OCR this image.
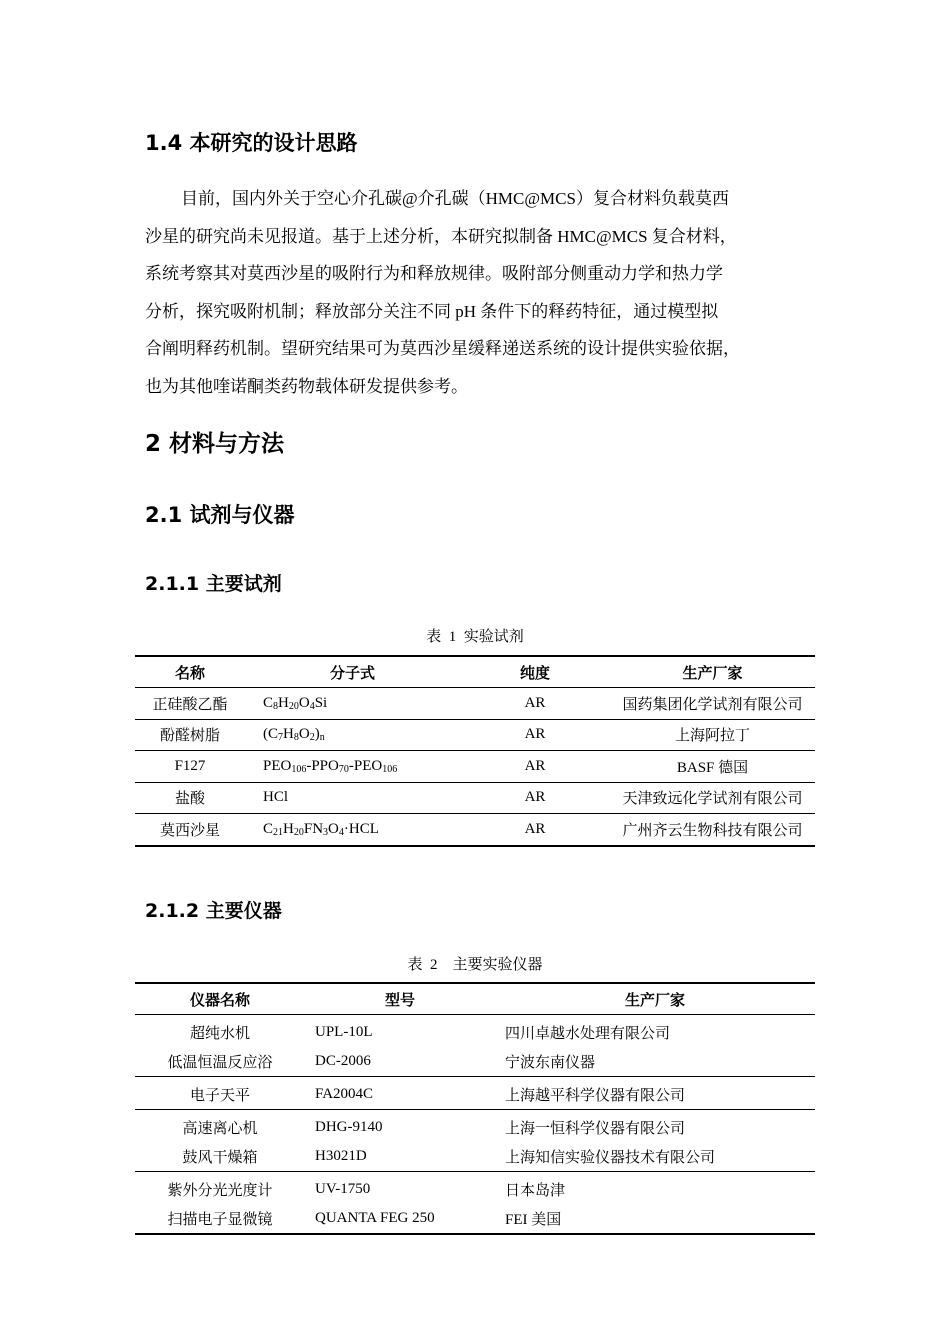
1.4 本研究的设计思路
目前，国内外关于空心介孔碳@介孔碳（HMC@MCS）复合材料负载莫西
沙星的研究尚未见报道。基于上述分析，本研究拟制备 HMC@MCS 复合材料，
系统考察其对莫西沙星的吸附行为和释放规律。吸附部分侧重动力学和热力学
分析，探究吸附机制；释放部分关注不同 pH 条件下的释药特征，通过模型拟
合阐明释药机制。望研究结果可为莫西沙星缓释递送系统的设计提供实验依据，
也为其他喹诺酮类药物载体研发提供参考。
2 材料与方法
2.1 试剂与仪器
2.1.1 主要试剂
表  1  实验试剂
名称	分子式	纯度	生产厂家
正硅酸乙酯	$C_8H_{20}O_4Si$	AR	国药集团化学试剂有限公司
酚醛树脂	$(C_7H_8O_2)_n$	AR	上海阿拉丁
F127	$PEO_{106}-PPO_{70}-PEO_{106}$	AR	BASF 德国
盐酸	HCl	AR	天津致远化学试剂有限公司
莫西沙星	$C_{21}H_{20}FN_3O_4\cdot HCL$	AR	广州齐云生物科技有限公司
2.1.2 主要仪器
表  2    主要实验仪器
仪器名称	型号	生产厂家
超纯水机	UPL-10L	四川卓越水处理有限公司
低温恒温反应浴	DC-2006	宁波东南仪器
电子天平	FA2004C	上海越平科学仪器有限公司
高速离心机	DHG-9140	上海一恒科学仪器有限公司
鼓风干燥箱	H3021D	上海知信实验仪器技术有限公司
紫外分光光度计	UV-1750	日本岛津
扫描电子显微镜	QUANTA FEG 250	FEI 美国
